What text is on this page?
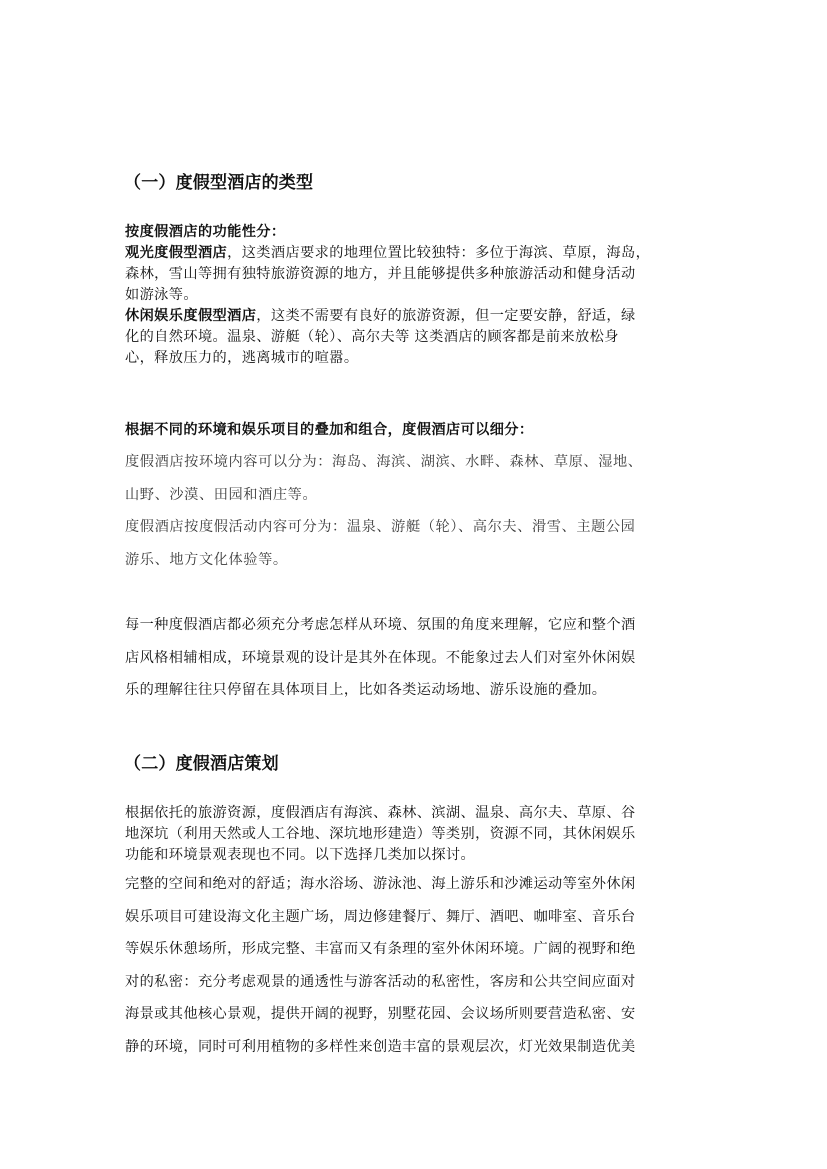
（一）度假型酒店的类型
按度假酒店的功能性分：
观光度假型酒店，这类酒店要求的地理位置比较独特：多位于海滨、草原，海岛，
森林，雪山等拥有独特旅游资源的地方，并且能够提供多种旅游活动和健身活动
如游泳等。
休闲娱乐度假型酒店，这类不需要有良好的旅游资源，但一定要安静，舒适，绿
化的自然环境。温泉、游艇（轮）、高尔夫等 这类酒店的顾客都是前来放松身
心，释放压力的，逃离城市的喧嚣。
根据不同的环境和娱乐项目的叠加和组合，度假酒店可以细分：
度假酒店按环境内容可以分为：海岛、海滨、湖滨、水畔、森林、草原、湿地、
山野、沙漠、田园和酒庄等。
度假酒店按度假活动内容可分为：温泉、游艇（轮）、高尔夫、滑雪、主题公园
游乐、地方文化体验等。
每一种度假酒店都必须充分考虑怎样从环境、氛围的角度来理解，它应和整个酒
店风格相辅相成，环境景观的设计是其外在体现。不能象过去人们对室外休闲娱
乐的理解往往只停留在具体项目上，比如各类运动场地、游乐设施的叠加。
（二）度假酒店策划
根据依托的旅游资源，度假酒店有海滨、森林、滨湖、温泉、高尔夫、草原、谷
地深坑（利用天然或人工谷地、深坑地形建造）等类别，资源不同，其休闲娱乐
功能和环境景观表现也不同。以下选择几类加以探讨。
完整的空间和绝对的舒适；海水浴场、游泳池、海上游乐和沙滩运动等室外休闲
娱乐项目可建设海文化主题广场，周边修建餐厅、舞厅、酒吧、咖啡室、音乐台
等娱乐休憩场所，形成完整、丰富而又有条理的室外休闲环境。广阔的视野和绝
对的私密：充分考虑观景的通透性与游客活动的私密性，客房和公共空间应面对
海景或其他核心景观，提供开阔的视野，别墅花园、会议场所则要营造私密、安
静的环境，同时可利用植物的多样性来创造丰富的景观层次，灯光效果制造优美
